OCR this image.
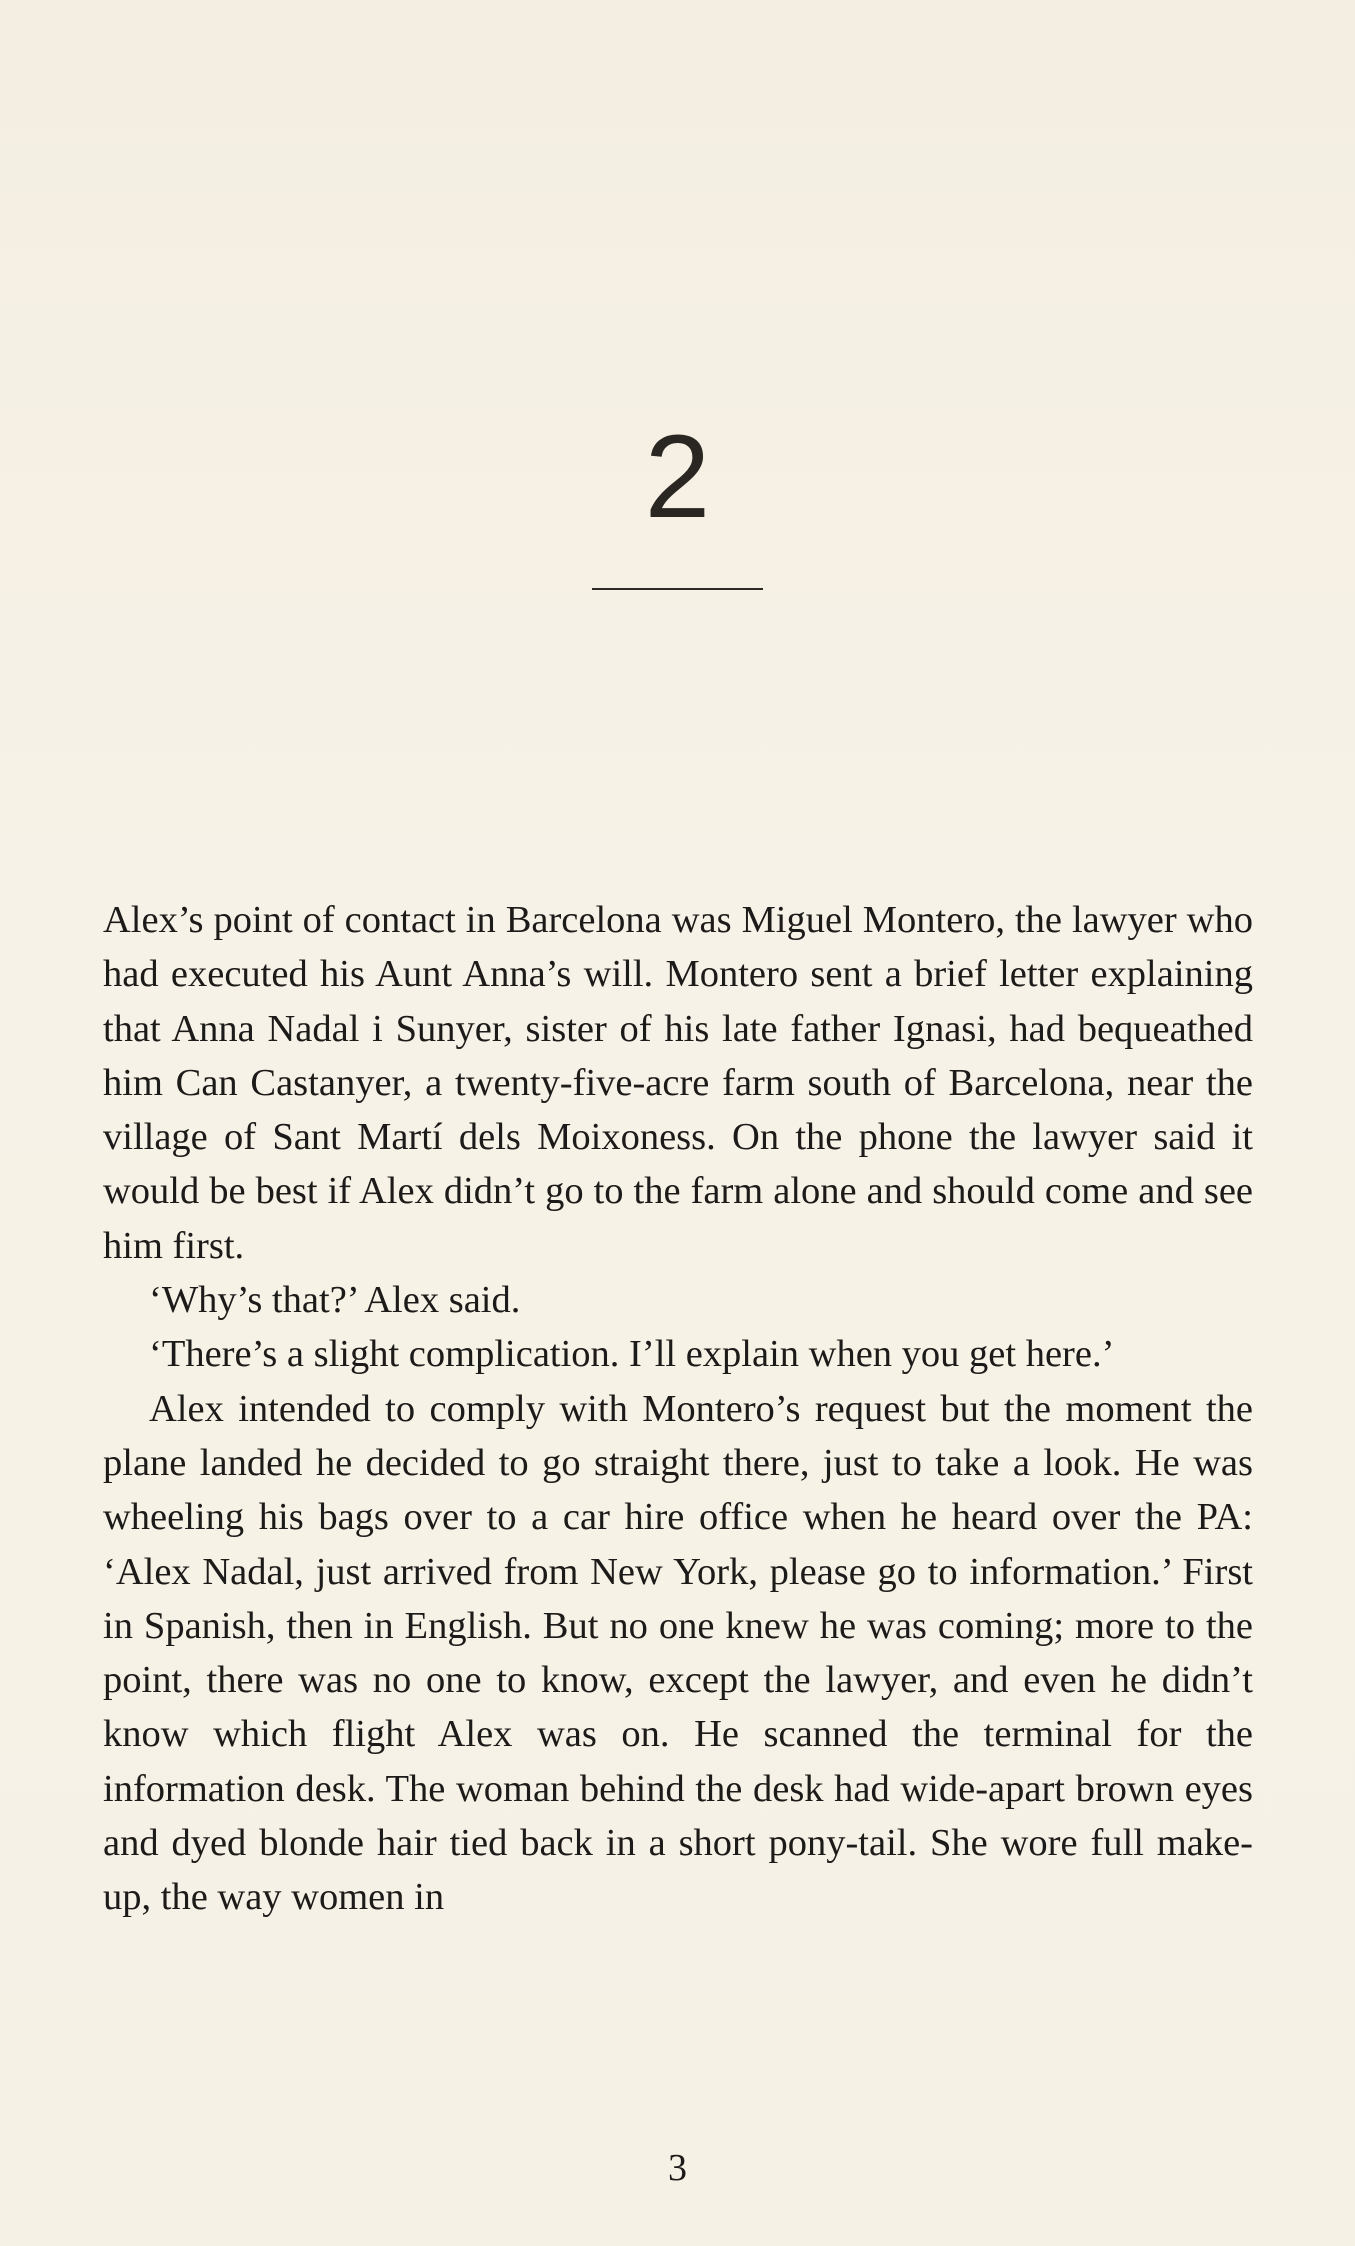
2

Alex’s point of contact in Barcelona was Miguel Montero, the lawyer who had executed his Aunt Anna’s will. Montero sent a brief letter explaining that Anna Nadal i Sunyer, sister of his late father Ignasi, had bequeathed him Can Castanyer, a twenty-five-acre farm south of Barcelona, near the village of Sant Martí dels Moixoness. On the phone the lawyer said it would be best if Alex didn’t go to the farm alone and should come and see him first.

‘Why’s that?’ Alex said.

‘There’s a slight complication. I’ll explain when you get here.’

Alex intended to comply with Montero’s request but the moment the plane landed he decided to go straight there, just to take a look. He was wheeling his bags over to a car hire office when he heard over the PA: ‘Alex Nadal, just arrived from New York, please go to information.’ First in Spanish, then in English. But no one knew he was coming; more to the point, there was no one to know, except the lawyer, and even he didn’t know which flight Alex was on. He scanned the terminal for the information desk. The woman behind the desk had wide-apart brown eyes and dyed blonde hair tied back in a short pony-tail. She wore full make-up, the way women in

3
